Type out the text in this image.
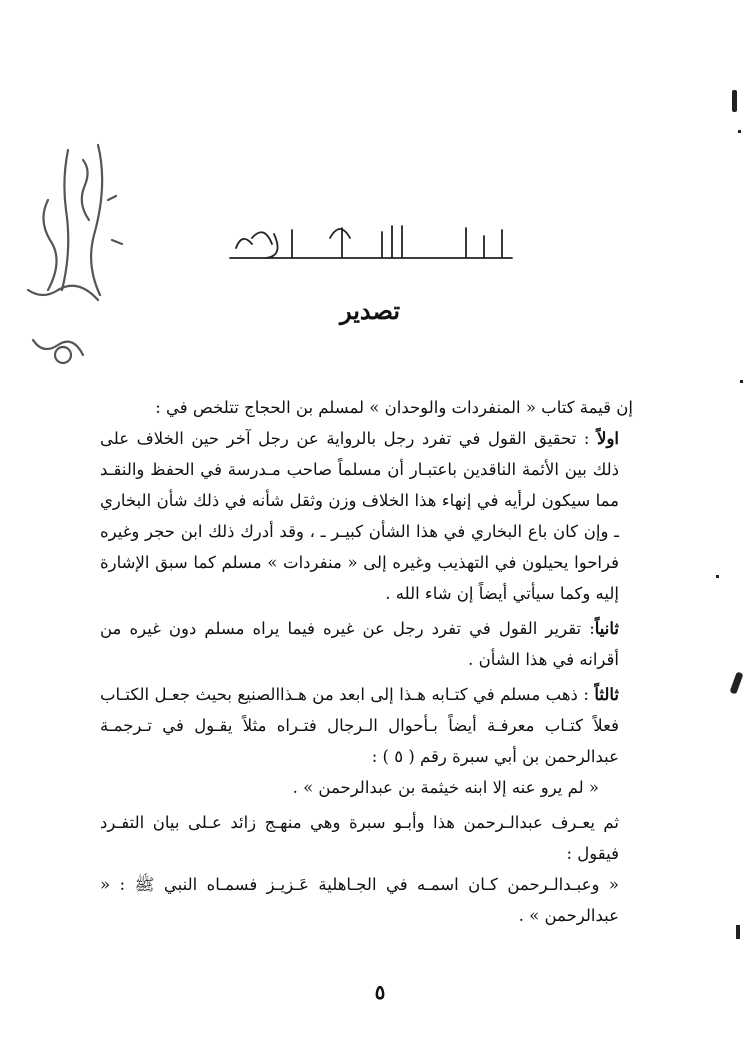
تصدير

إن قيمة كتاب « المنفردات والوحدان » لمسلم بن الحجاج تتلخص في :

اولاً : تحقيق القول في تفرد رجل بالرواية عن رجل آخر حين الخلاف على ذلك بين الأئمة الناقدين باعتبـار أن مسلماً صاحب مـدرسة في الحفظ والنقـد مما سيكون لرأيه في إنهاء هذا الخلاف وزن وثقل شأنه في ذلك شأن البخاري ـ وإن كان باع البخاري في هذا الشأن كبيـر ـ ، وقد أدرك ذلك ابن حجر وغيره فراحوا يحيلون في التهذيب وغيره إلى « منفردات » مسلم كما سبق الإشارة إليه وكما سيأتي أيضاً إن شاء الله .

ثانياً: تقرير القول في تفرد رجل عن غيره فيما يراه مسلم دون غيره من أقرانه في هذا الشأن .

ثالثاً : ذهب مسلم في كتـابه هـذا إلى ابعد من هـذاالصنيع بحيث جعـل الكتـاب فعلاً كتـاب معرفـة أيضاً بـأحوال الـرجال فتـراه مثلاً يقـول في تـرجمـة عبدالرحمن بن أبي سبرة رقم ( ٥ ) :

« لم يرو عنه إلا ابنه خيثمة بن عبدالرحمن » .

ثم يعـرف عبدالـرحمن هذا وأبـو سبرة وهي منهـج زائد عـلى بيان التفـرد فيقول :

« وعبـدالـرحمن كـان اسمـه في الجـاهلية عَـزيـز فسمـاه النبي ﷺ : « عبدالرحمن » .

٥
